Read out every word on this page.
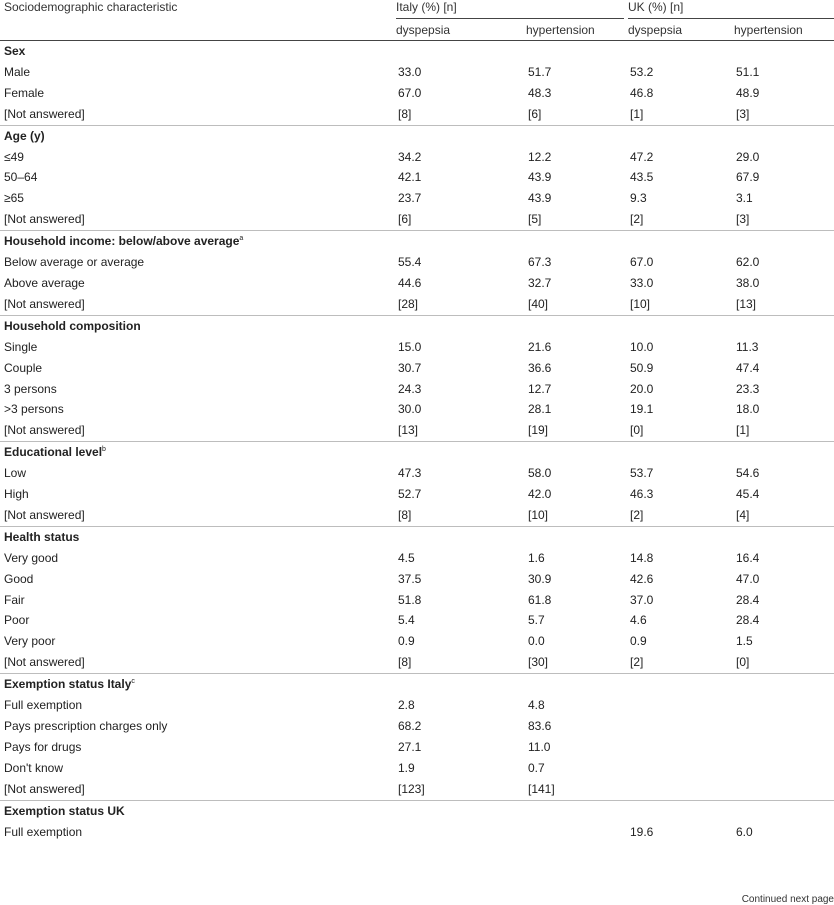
Sociodemographic characteristic	Italy (%) [n]		UK (%) [n]	

	dyspepsia	hypertension	dyspepsia	hypertension
Sex				
Male	33.0	51.7	53.2	51.1
Female	67.0	48.3	46.8	48.9
[Not answered]	[8]	[6]	[1]	[3]
Age (y)				
≤49	34.2	12.2	47.2	29.0
50–64	42.1	43.9	43.5	67.9
≥65	23.7	43.9	9.3	3.1
[Not answered]	[6]	[5]	[2]	[3]
Household income: below/above average$^a$
Below average or average	55.4	67.3	67.0	62.0
Above average	44.6	32.7	33.0	38.0
[Not answered]	[28]	[40]	[10]	[13]
Household composition				
Single	15.0	21.6	10.0	11.3
Couple	30.7	36.6	50.9	47.4
3 persons	24.3	12.7	20.0	23.3
>3 persons	30.0	28.1	19.1	18.0
[Not answered]	[13]	[19]	[0]	[1]
Educational level$^b$
Low	47.3	58.0	53.7	54.6
High	52.7	42.0	46.3	45.4
[Not answered]	[8]	[10]	[2]	[4]
Health status				
Very good	4.5	1.6	14.8	16.4
Good	37.5	30.9	42.6	47.0
Fair	51.8	61.8	37.0	28.4
Poor	5.4	5.7	4.6	28.4
Very poor	0.9	0.0	0.9	1.5
[Not answered]	[8]	[30]	[2]	[0]
Exemption status Italy$^c$
Full exemption	2.8	4.8		
Pays prescription charges only	68.2	83.6		
Pays for drugs	27.1	11.0		
Don't know	1.9	0.7		
[Not answered]	[123]	[141]		
Exemption status UK				
Full exemption			19.6	6.0
Continued next page
